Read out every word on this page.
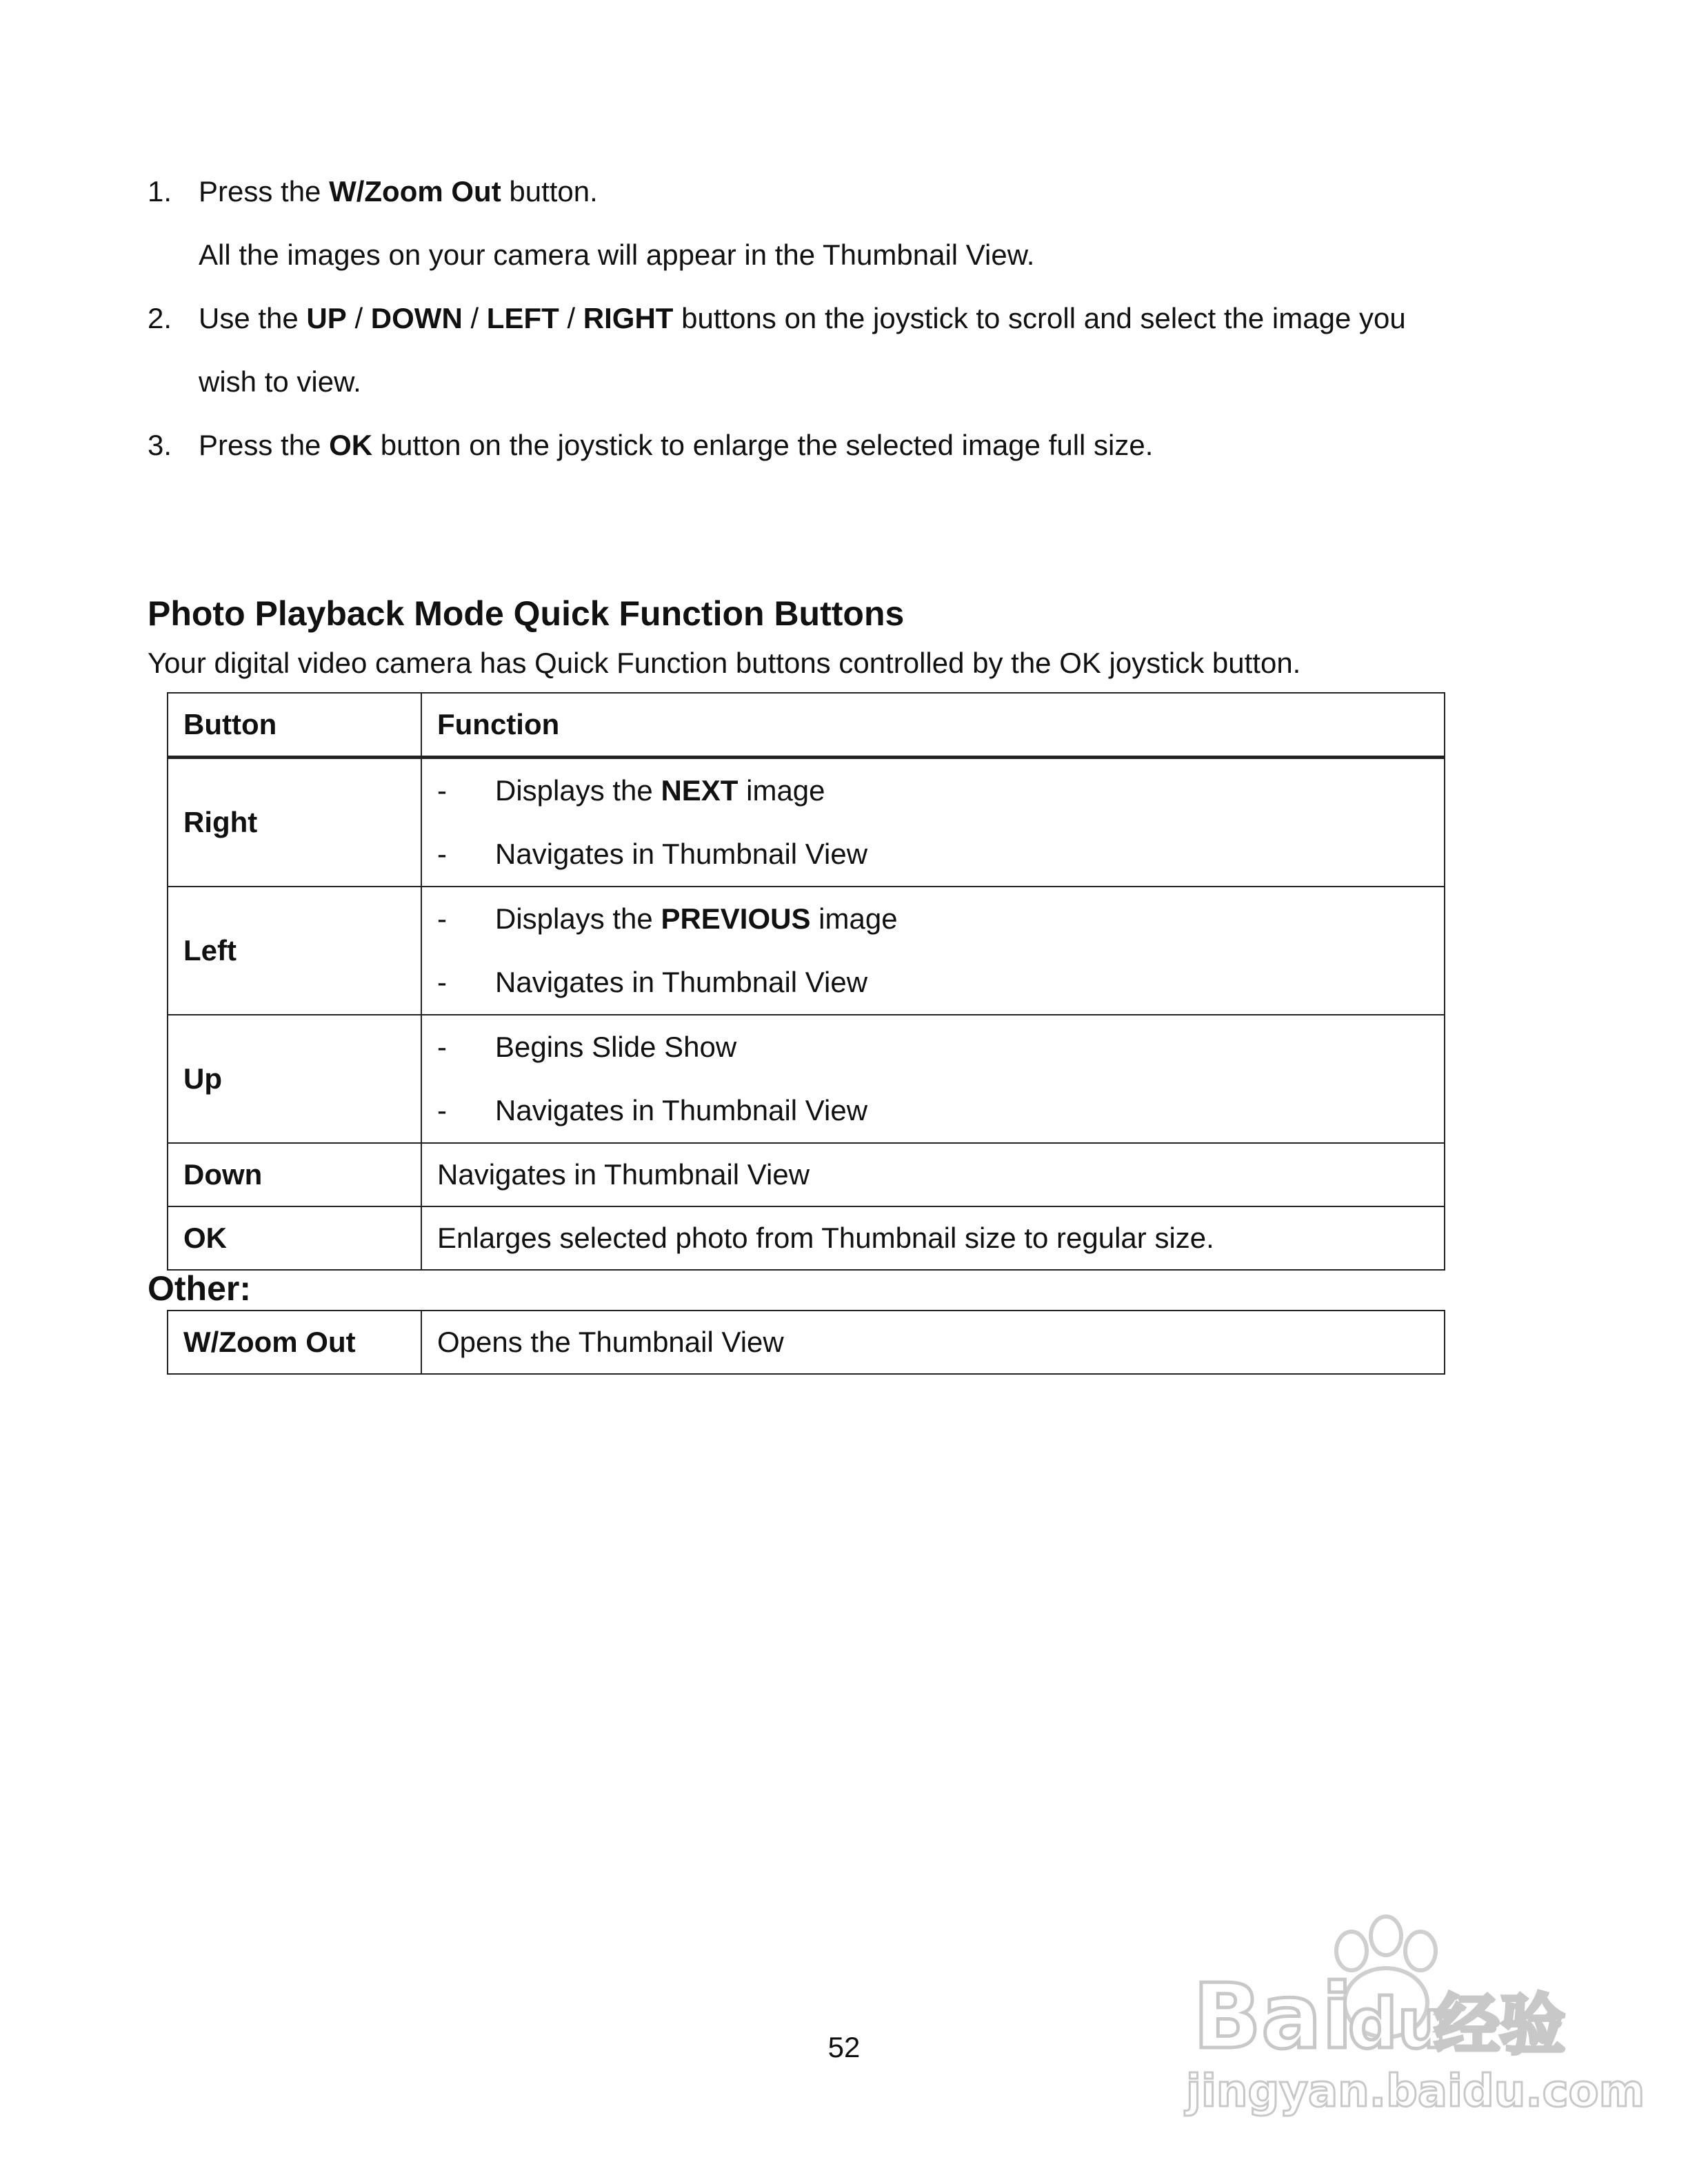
1. Press the W/Zoom Out button.
All the images on your camera will appear in the Thumbnail View.
2. Use the UP / DOWN / LEFT / RIGHT buttons on the joystick to scroll and select the image you
wish to view.
3. Press the OK button on the joystick to enlarge the selected image full size.
Photo Playback Mode Quick Function Buttons
Your digital video camera has Quick Function buttons controlled by the OK joystick button.
Button	Function
Right	- Displays the NEXT image
- Navigates in Thumbnail View

Left	- Displays the PREVIOUS image
- Navigates in Thumbnail View

Up	- Begins Slide Show
- Navigates in Thumbnail View

Down	Navigates in Thumbnail View
OK	Enlarges selected photo from Thumbnail size to regular size.
Other:
W/Zoom Out	Opens the Thumbnail View
52	Bai
du
经验
jingyan.baidu.com
